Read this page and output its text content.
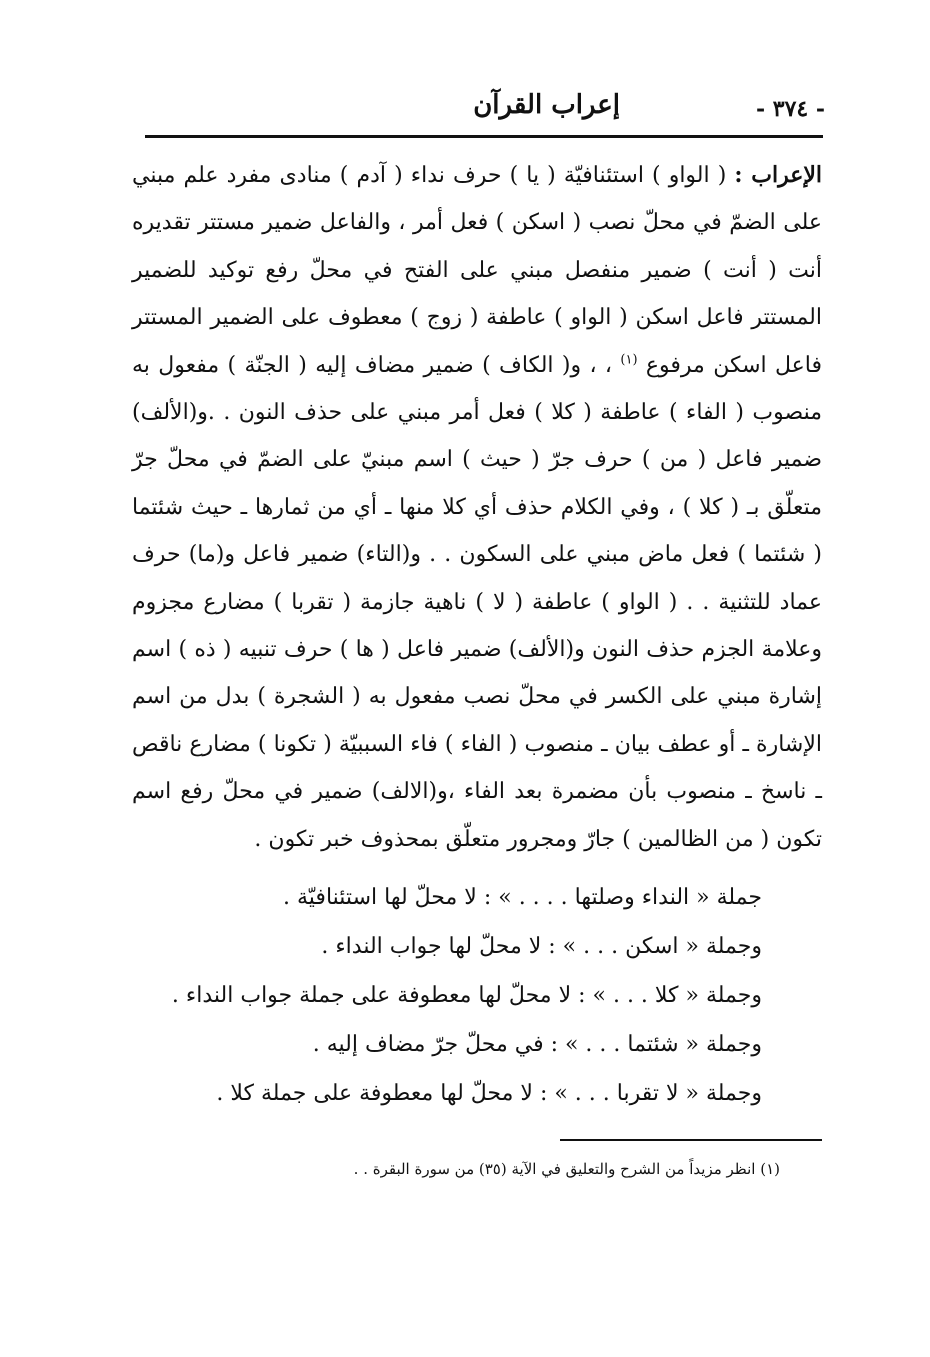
- ٣٧٤ -
إعراب القرآن

الإعراب : ( الواو ) استئنافيّة ( يا ) حرف نداء ( آدم ) منادى مفرد علم مبني على الضمّ في محلّ نصب ( اسكن ) فعل أمر ، والفاعل ضمير مستتر تقديره أنت ( أنت ) ضمير منفصل مبني على الفتح في محلّ رفع توكيد للضمير المستتر فاعل اسكن ( الواو ) عاطفة ( زوج ) معطوف على الضمير المستتر فاعل اسكن مرفوع $^{(١)}$ ، ، و( الكاف ) ضمير مضاف إليه ( الجنّة ) مفعول به منصوب ( الفاء ) عاطفة ( كلا ) فعل أمر مبني على حذف النون . .و(الألف) ضمير فاعل ( من ) حرف جرّ ( حيث ) اسم مبنيّ على الضمّ في محلّ جرّ متعلّق بـ ( كلا ) ، وفي الكلام حذف أي كلا منها ـ أي من ثمارها ـ حيث شئتما ( شئتما ) فعل ماض مبني على السكون . . و(التاء) ضمير فاعل و(ما) حرف عماد للتثنية . . ( الواو ) عاطفة ( لا ) ناهية جازمة ( تقربا ) مضارع مجزوم وعلامة الجزم حذف النون و(الألف) ضمير فاعل ( ها ) حرف تنبيه ( ذه ) اسم إشارة مبني على الكسر في محلّ نصب مفعول به ( الشجرة ) بدل من اسم الإشارة ـ أو عطف بيان ـ منصوب ( الفاء ) فاء السببيّة ( تكونا ) مضارع ناقص ـ ناسخ ـ منصوب بأن مضمرة بعد الفاء ،و(الالف) ضمير في محلّ رفع اسم تكون ( من الظالمين ) جارّ ومجرور متعلّق بمحذوف خبر تكون .

جملة « النداء وصلتها . . . . » : لا محلّ لها استئنافيّة .
وجملة « اسكن . . . » : لا محلّ لها جواب النداء .
وجملة « كلا . . . » : لا محلّ لها معطوفة على جملة جواب النداء .
وجملة « شئتما . . . » : في محلّ جرّ مضاف إليه .
وجملة « لا تقربا . . . » : لا محلّ لها معطوفة على جملة كلا .
(١) انظر مزيداً من الشرح والتعليق في الآية (٣٥) من سورة البقرة . .
